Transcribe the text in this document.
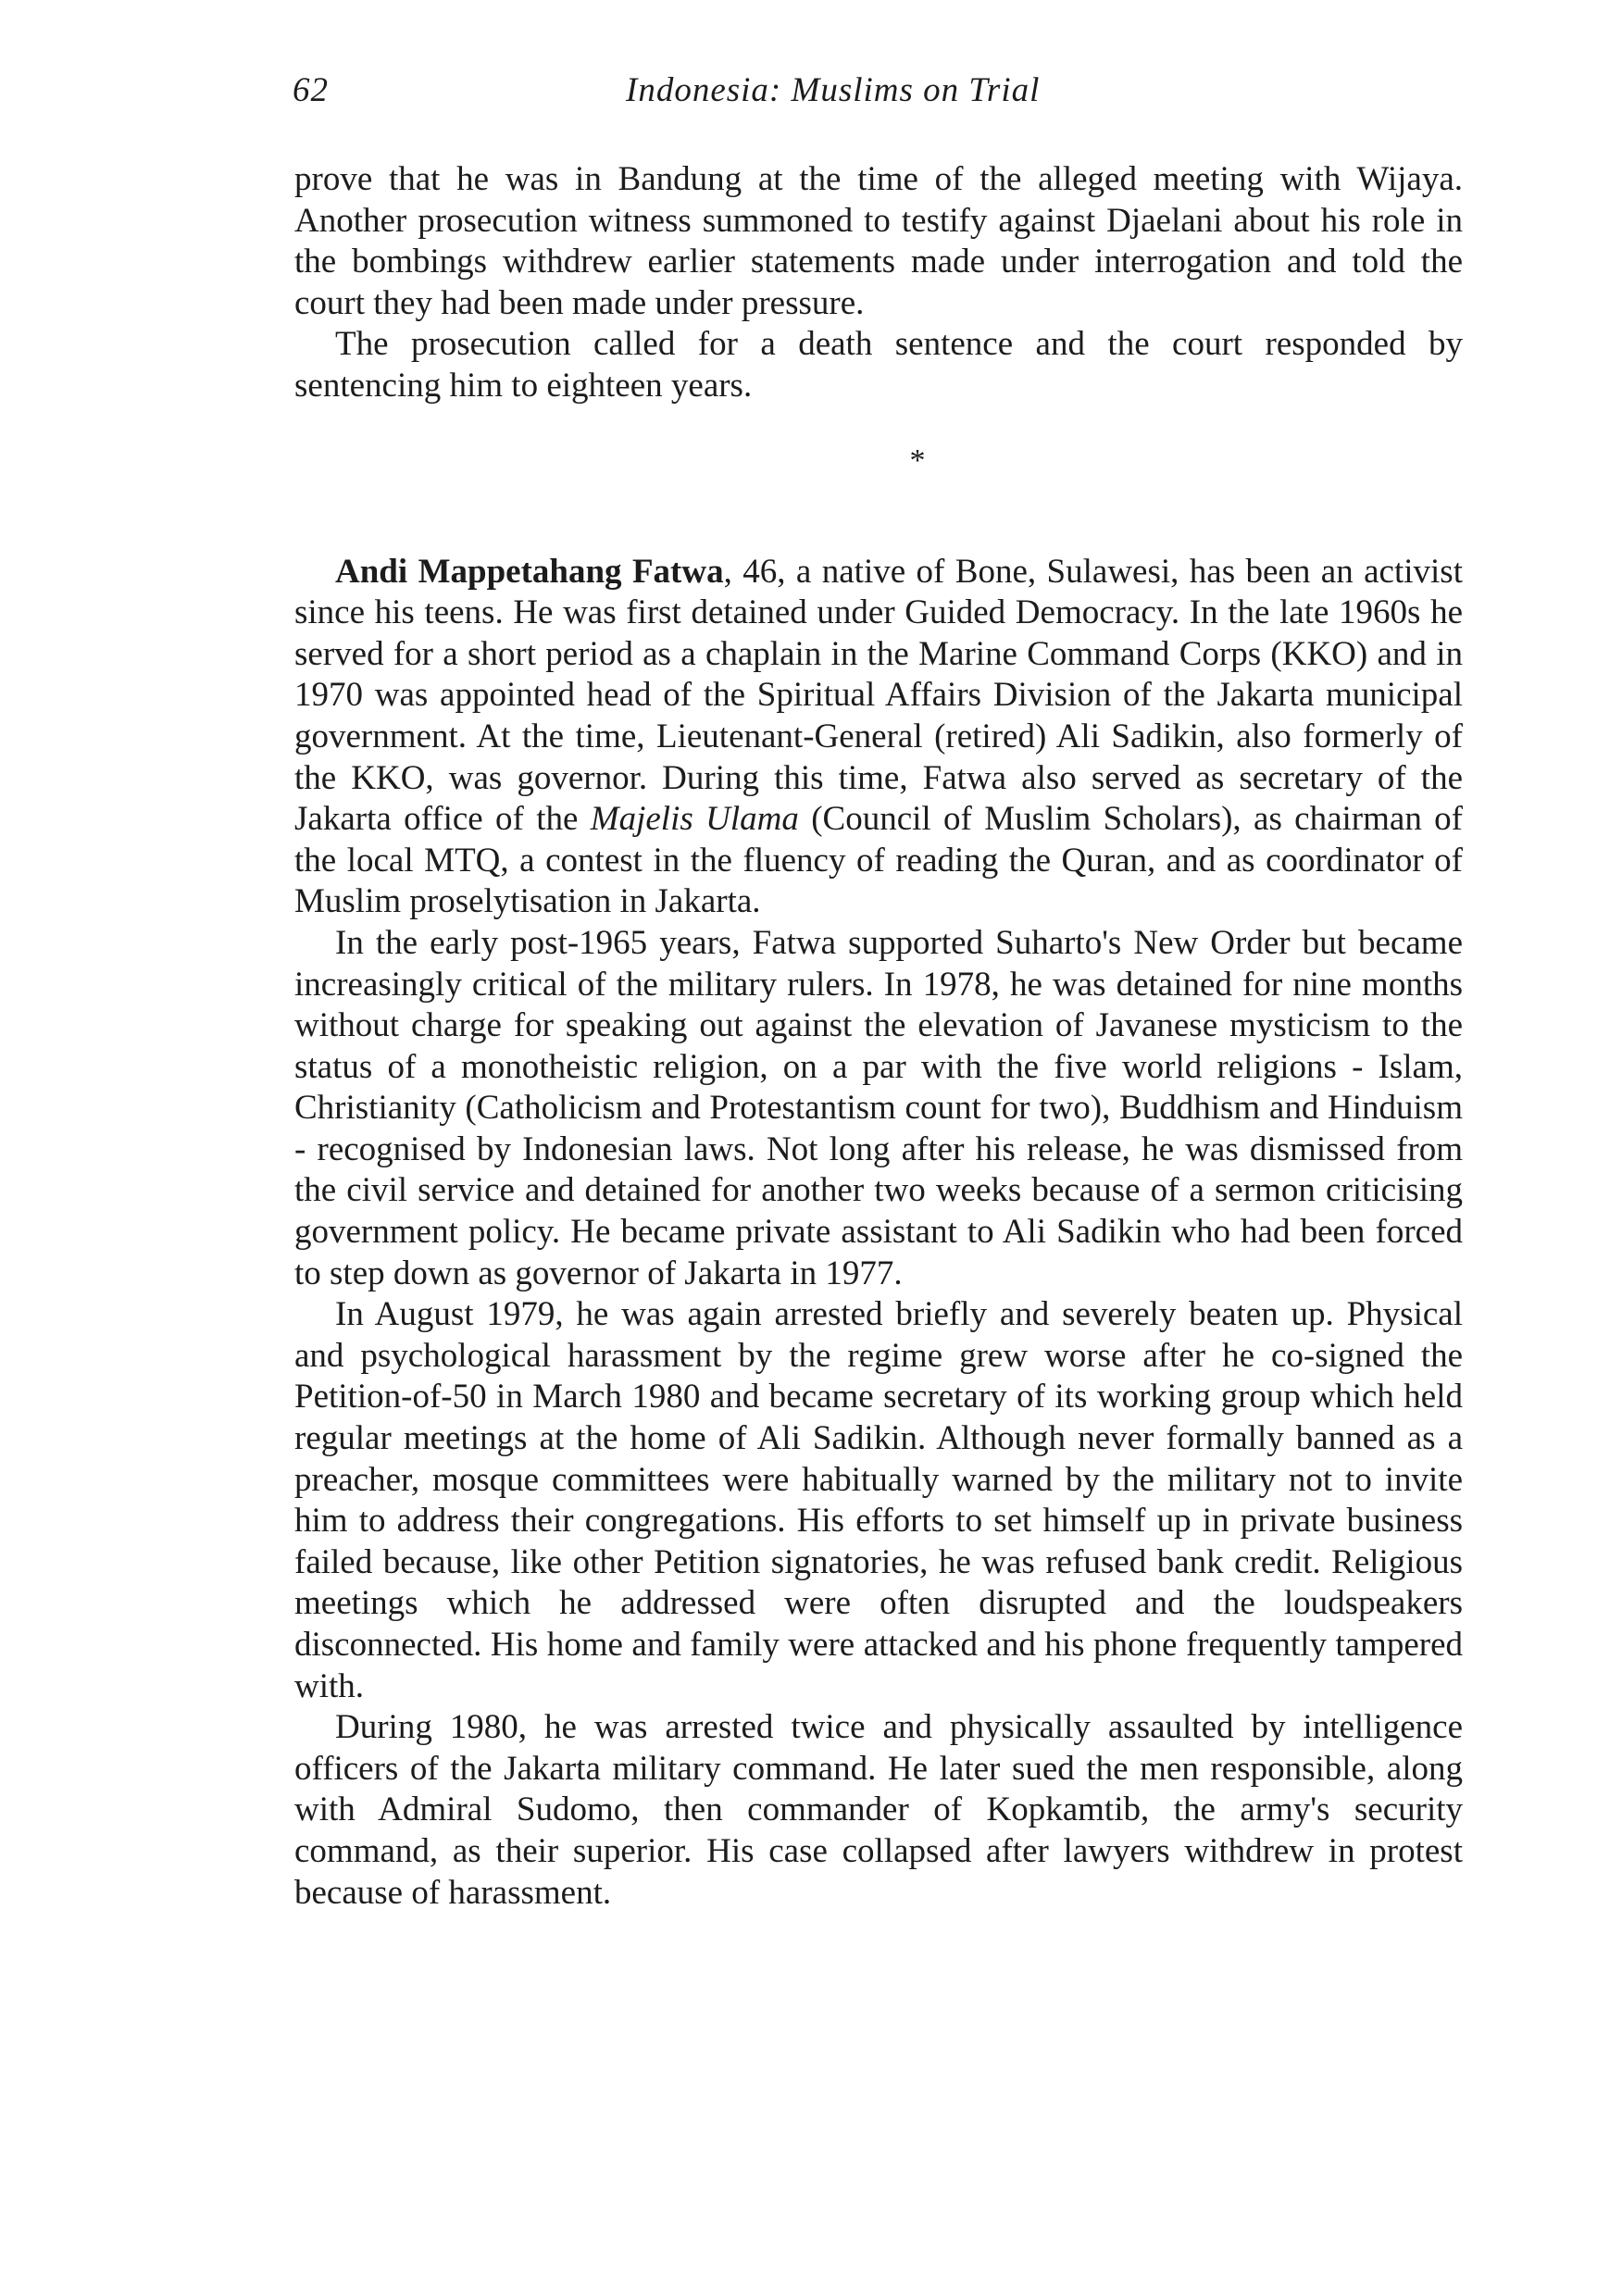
62	Indonesia: Muslims on Trial

prove that he was in Bandung at the time of the alleged meeting with Wijaya. Another prosecution witness summoned to testify against Djaelani about his role in the bombings withdrew earlier statements made under interrogation and told the court they had been made under pressure.

The prosecution called for a death sentence and the court responded by sentencing him to eighteen years.

*

Andi Mappetahang Fatwa, 46, a native of Bone, Sulawesi, has been an activist since his teens. He was first detained under Guided Democracy. In the late 1960s he served for a short period as a chaplain in the Marine Command Corps (KKO) and in 1970 was appointed head of the Spiritual Affairs Division of the Jakarta municipal government. At the time, Lieutenant-General (retired) Ali Sadikin, also formerly of the KKO, was governor. During this time, Fatwa also served as secretary of the Jakarta office of the Majelis Ulama (Council of Muslim Scholars), as chairman of the local MTQ, a contest in the fluency of reading the Quran, and as coordinator of Muslim proselytisation in Jakarta.

In the early post-1965 years, Fatwa supported Suharto's New Order but became increasingly critical of the military rulers. In 1978, he was detained for nine months without charge for speaking out against the elevation of Javanese mysticism to the status of a monotheistic religion, on a par with the five world religions - Islam, Christianity (Catholicism and Protestantism count for two), Buddhism and Hinduism - recognised by Indonesian laws. Not long after his release, he was dismissed from the civil service and detained for another two weeks because of a sermon criticising government policy. He became private assistant to Ali Sadikin who had been forced to step down as governor of Jakarta in 1977.

In August 1979, he was again arrested briefly and severely beaten up. Physical and psychological harassment by the regime grew worse after he co-signed the Petition-of-50 in March 1980 and became secretary of its working group which held regular meetings at the home of Ali Sadikin. Although never formally banned as a preacher, mosque committees were habitually warned by the military not to invite him to address their congregations. His efforts to set himself up in private business failed because, like other Petition signatories, he was refused bank credit. Religious meetings which he addressed were often disrupted and the loudspeakers disconnected. His home and family were attacked and his phone frequently tampered with.

During 1980, he was arrested twice and physically assaulted by intelligence officers of the Jakarta military command. He later sued the men responsible, along with Admiral Sudomo, then commander of Kopkamtib, the army's security command, as their superior. His case collapsed after lawyers withdrew in protest because of harassment.
